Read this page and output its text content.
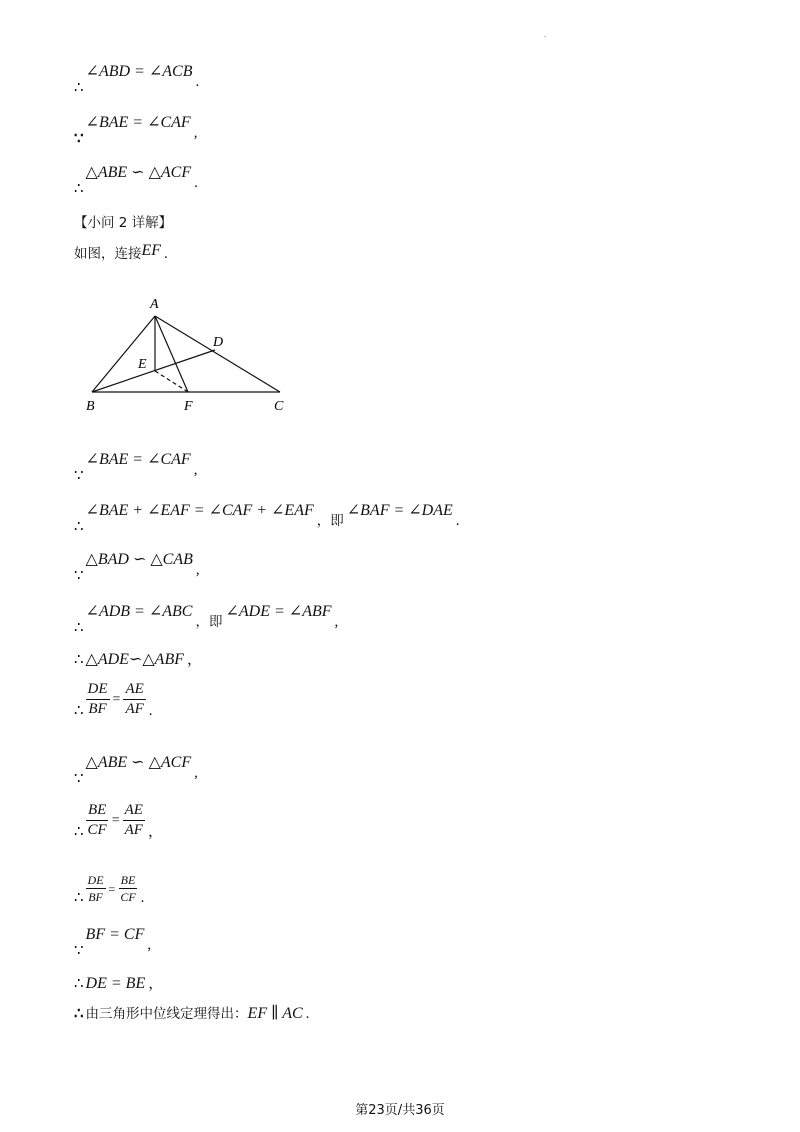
.
∴∠ABD = ∠ACB.
∵∠BAE = ∠CAF,
∴△ABE ∽ △ACF.
【小问 2 详解】
如图，连接EF .
A
B	C
D
E
F
∵∠BAE = ∠CAF,
∴∠BAE + ∠EAF = ∠CAF + ∠EAF，即∠BAF = ∠DAE.
∵△BAD ∽ △CAB,
∴∠ADB = ∠ABC，即∠ADE = ∠ABF,
∴ △ADE∽△ABF ，
∴ $\frac{DE}{BF} = \frac{AE}{AF}$ .
∵△ABE ∽ △ACF,
∴ $\frac{BE}{CF} = \frac{AE}{AF}$ ，
∴ $\frac{DE}{BF} = \frac{BE}{CF}$ .
∵BF = CF,
∴ DE = BE ，
∴ 由三角形中位线定理得出：EF ∥ AC .
第23页/共36页
